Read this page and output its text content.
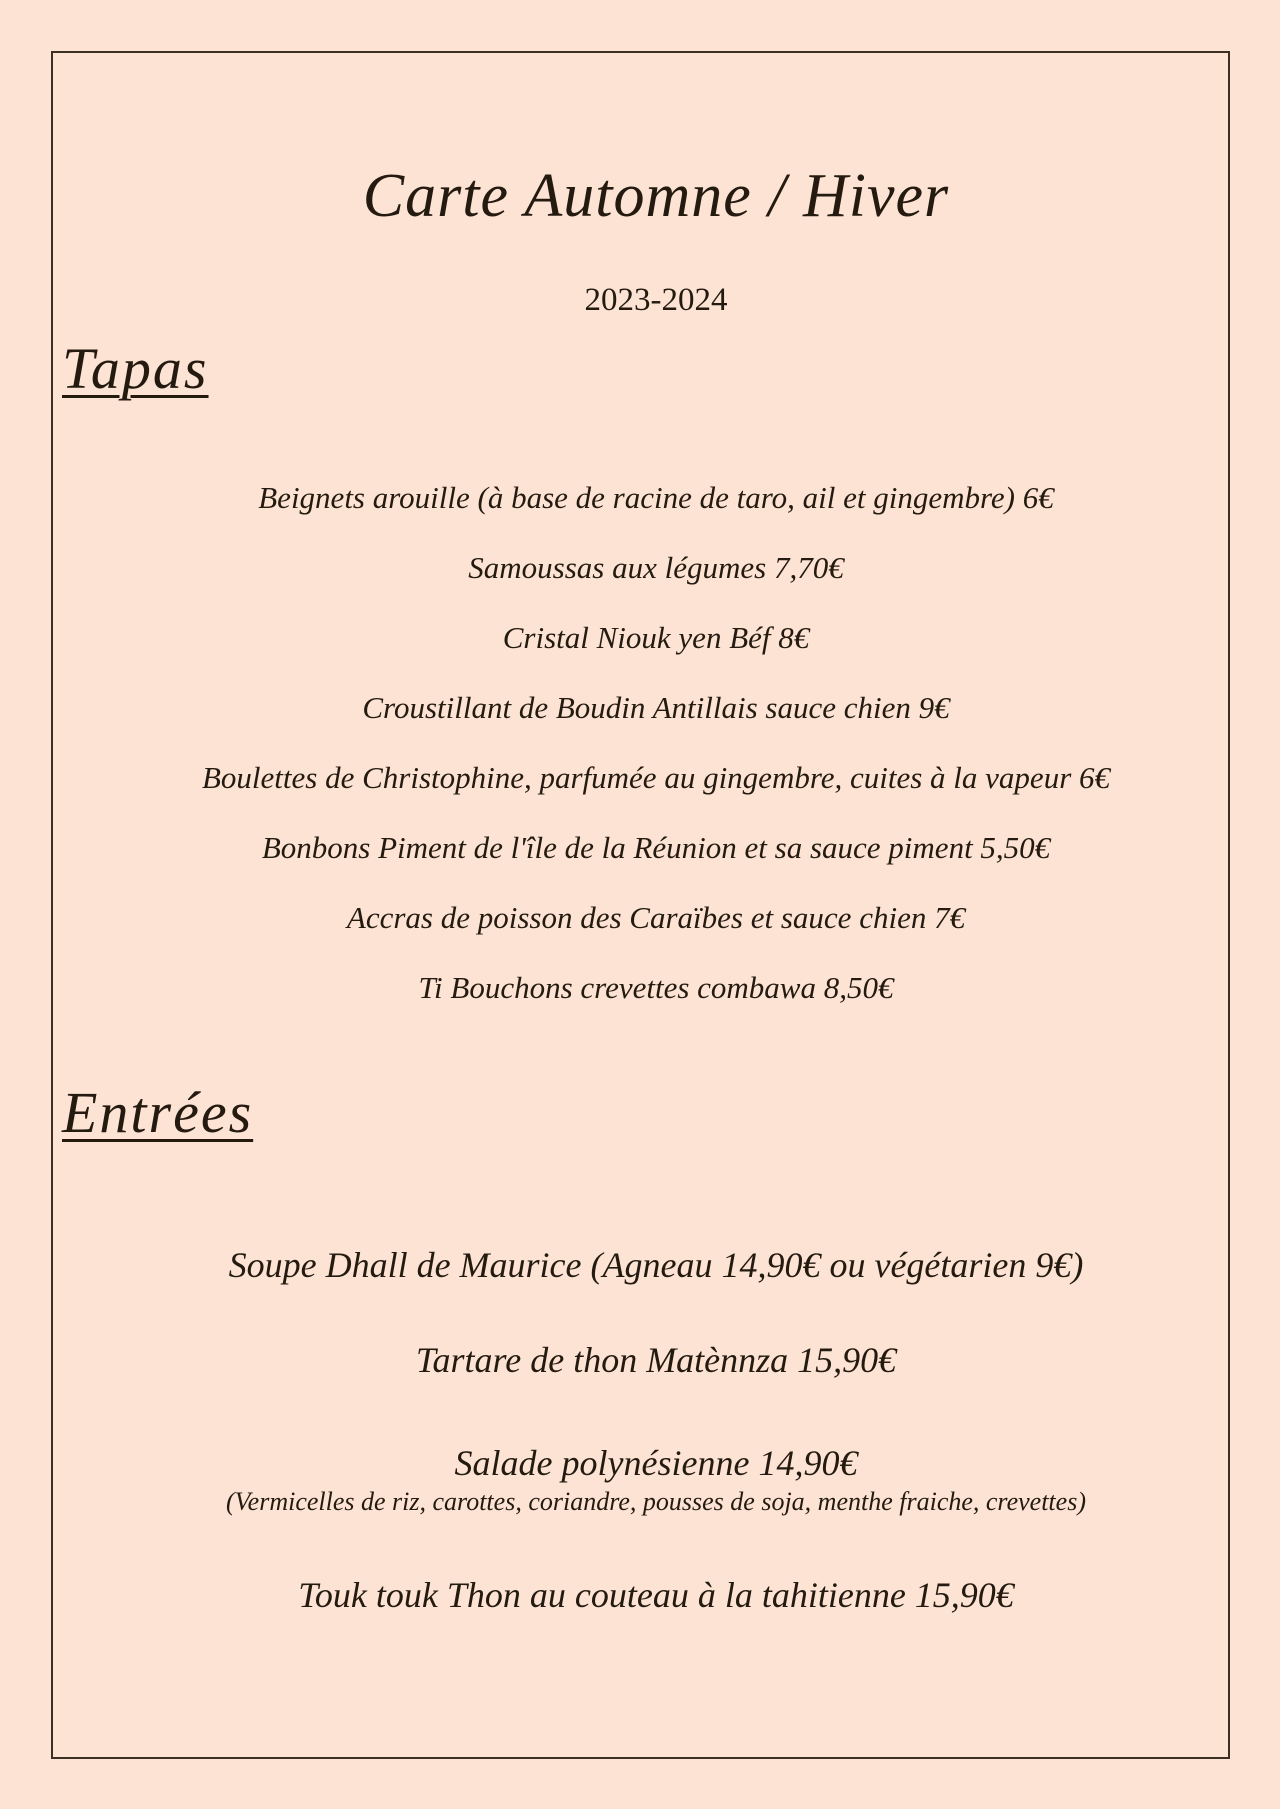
Carte Automne / Hiver
2023-2024
Tapas
Beignets arouille (à base de racine de taro, ail et gingembre) 6€
Samoussas aux légumes 7,70€
Cristal Niouk yen Béf 8€
Croustillant de Boudin Antillais sauce chien 9€
Boulettes de Christophine, parfumée au gingembre, cuites à la vapeur 6€
Bonbons Piment de l'île de la Réunion et sa sauce piment 5,50€
Accras de poisson des Caraïbes et sauce chien 7€
Ti Bouchons crevettes combawa 8,50€
Entrées
Soupe Dhall de Maurice (Agneau 14,90€ ou végétarien 9€)
Tartare de thon Matènnza 15,90€
Salade polynésienne 14,90€
(Vermicelles de riz, carottes, coriandre, pousses de soja, menthe fraiche, crevettes)
Touk touk Thon au couteau à la tahitienne 15,90€
